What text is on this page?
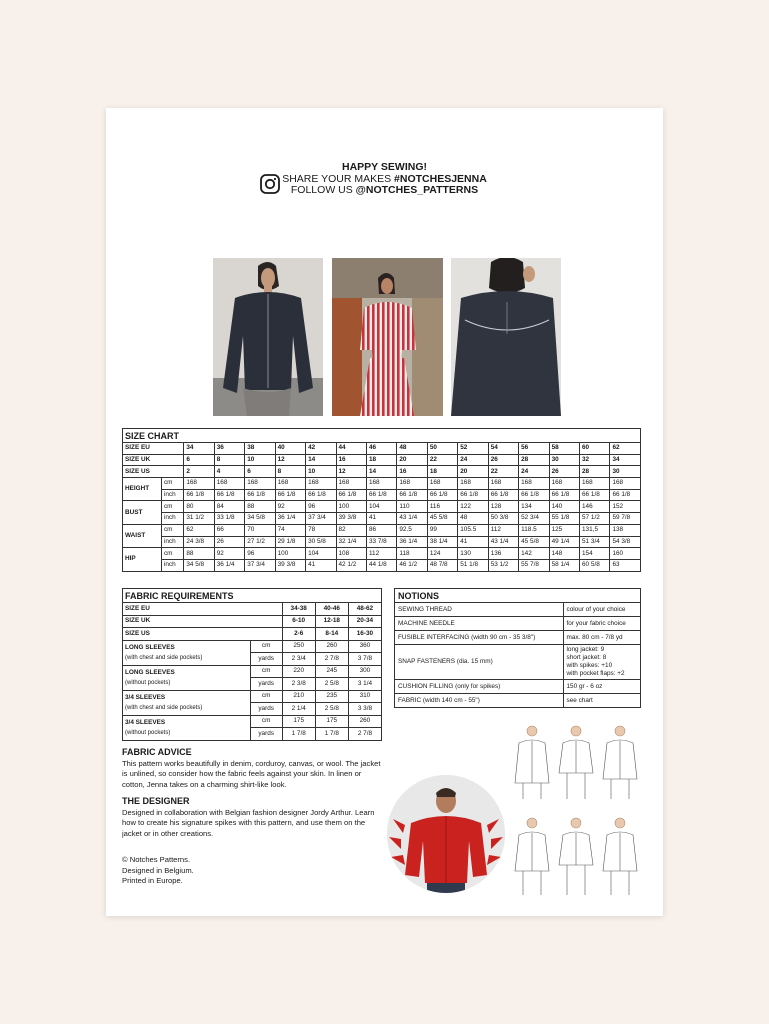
HAPPY SEWING!
SHARE YOUR MAKES #NOTCHESJENNA
FOLLOW US @NOTCHES_PATTERNS
SIZE CHART																
SIZE EU		34	36	38	40	42	44	46	48	50	52	54	56	58	60	62
SIZE UK		6	8	10	12	14	16	18	20	22	24	26	28	30	32	34
SIZE US		2	4	6	8	10	12	14	16	18	20	22	24	26	28	30
HEIGHT	cm	168	168	168	168	168	168	168	168	168	168	168	168	168	168	168
	inch	66 1/8	66 1/8	66 1/8	66 1/8	66 1/8	66 1/8	66 1/8	66 1/8	66 1/8	66 1/8	66 1/8	66 1/8	66 1/8	66 1/8	66 1/8
BUST	cm	80	84	88	92	96	100	104	110	116	122	128	134	140	146	152
	inch	31 1/2	33 1/8	34 5/8	36 1/4	37 3/4	39 3/8	41	43 1/4	45 5/8	48	50 3/8	52 3/4	55 1/8	57 1/2	59 7/8
WAIST	cm	62	66	70	74	78	82	86	92.5	99	105.5	112	118.5	125	131,5	138
	inch	24 3/8	26	27 1/2	29 1/8	30 5/8	32 1/4	33 7/8	36 1/4	38 1/4	41	43 1/4	45 5/8	49 1/4	51 3/4	54 3/8
HIP	cm	88	92	96	100	104	108	112	118	124	130	136	142	148	154	160
	inch	34 5/8	36 1/4	37 3/4	39 3/8	41	42 1/2	44 1/8	46 1/2	48 7/8	51 1/8	53 1/2	55 7/8	58 1/4	60 5/8	63
FABRIC REQUIREMENTS				
SIZE EU		34-38	40-46	48-62
SIZE UK		6-10	12-18	20-34
SIZE US		2-6	8-14	16-30

LONG SLEEVES
(with chest and side pockets)	cm	250	260	360
	yards	2 3/4	2 7/8	3 7/8

LONG SLEEVES
(without pockets)	cm	220	245	300
	yards	2 3/8	2 5/8	3 1/4

3/4 SLEEVES
(with chest and side pockets)	cm	210	235	310
	yards	2 1/4	2 5/8	3 3/8

3/4 SLEEVES
(without pockets)	cm	175	175	260
	yards	1 7/8	1 7/8	2 7/8
NOTIONS	
SEWING THREAD	colour of your choice
MACHINE NEEDLE	for your fabric choice
FUSIBLE INTERFACING (width 90 cm - 35 3/8")	max. 80 cm - 7/8 yd
SNAP FASTENERS (dia. 15 mm)	long jacket: 9
short jacket: 8
with spikes: +10
with pocket flaps: +2
CUSHION FILLING (only for spikes)	150 gr - 6 oz
FABRIC (width 140 cm - 55")	see chart
FABRIC ADVICE

This pattern works beautifully in denim, corduroy, canvas, or wool. The jacket is unlined, so consider how the fabric feels against your skin. In linen or cotton, Jenna takes on a charming shirt-like look.

THE DESIGNER

Designed in collaboration with Belgian fashion designer Jordy Arthur. Learn how to create his signature spikes with this pattern, and use them on the jacket or in other creations.

© Notches Patterns.
Designed in Belgium.
Printed in Europe.
